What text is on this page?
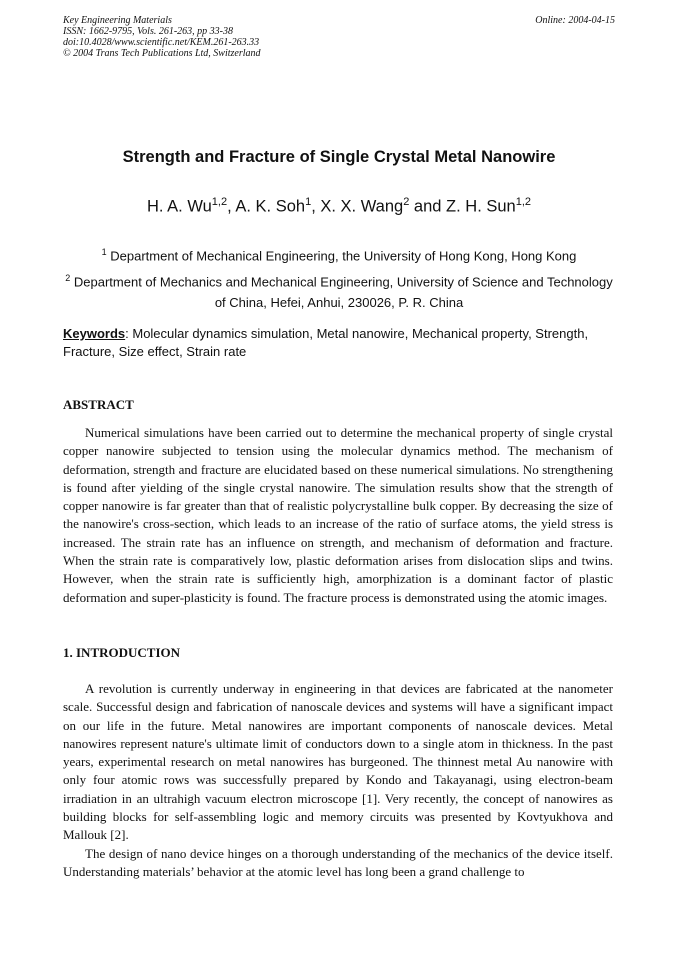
Key Engineering Materials
ISSN: 1662-9795, Vols. 261-263, pp 33-38
doi:10.4028/www.scientific.net/KEM.261-263.33
© 2004 Trans Tech Publications Ltd, Switzerland
Online: 2004-04-15
Strength and Fracture of Single Crystal Metal Nanowire
H. A. Wu$^{1,2}$, A. K. Soh$^1$, X. X. Wang$^2$ and Z. H. Sun$^{1,2}$
$^1$ Department of Mechanical Engineering, the University of Hong Kong, Hong Kong
$^2$ Department of Mechanics and Mechanical Engineering, University of Science and Technology of China, Hefei, Anhui, 230026, P. R. China
Keywords: Molecular dynamics simulation, Metal nanowire, Mechanical property, Strength, Fracture, Size effect, Strain rate
ABSTRACT

Numerical simulations have been carried out to determine the mechanical property of single crystal copper nanowire subjected to tension using the molecular dynamics method. The mechanism of deformation, strength and fracture are elucidated based on these numerical simulations. No strengthening is found after yielding of the single crystal nanowire. The simulation results show that the strength of copper nanowire is far greater than that of realistic polycrystalline bulk copper. By decreasing the size of the nanowire's cross-section, which leads to an increase of the ratio of surface atoms, the yield stress is increased. The strain rate has an influence on strength, and mechanism of deformation and fracture. When the strain rate is comparatively low, plastic deformation arises from dislocation slips and twins. However, when the strain rate is sufficiently high, amorphization is a dominant factor of plastic deformation and super-plasticity is found. The fracture process is demonstrated using the atomic images.

1. INTRODUCTION

A revolution is currently underway in engineering in that devices are fabricated at the nanometer scale. Successful design and fabrication of nanoscale devices and systems will have a significant impact on our life in the future. Metal nanowires are important components of nanoscale devices. Metal nanowires represent nature's ultimate limit of conductors down to a single atom in thickness. In the past years, experimental research on metal nanowires has burgeoned. The thinnest metal Au nanowire with only four atomic rows was successfully prepared by Kondo and Takayanagi, using electron-beam irradiation in an ultrahigh vacuum electron microscope [1]. Very recently, the concept of nanowires as building blocks for self-assembling logic and memory circuits was presented by Kovtyukhova and Mallouk [2].

The design of nano device hinges on a thorough understanding of the mechanics of the device itself. Understanding materials’ behavior at the atomic level has long been a grand challenge to
